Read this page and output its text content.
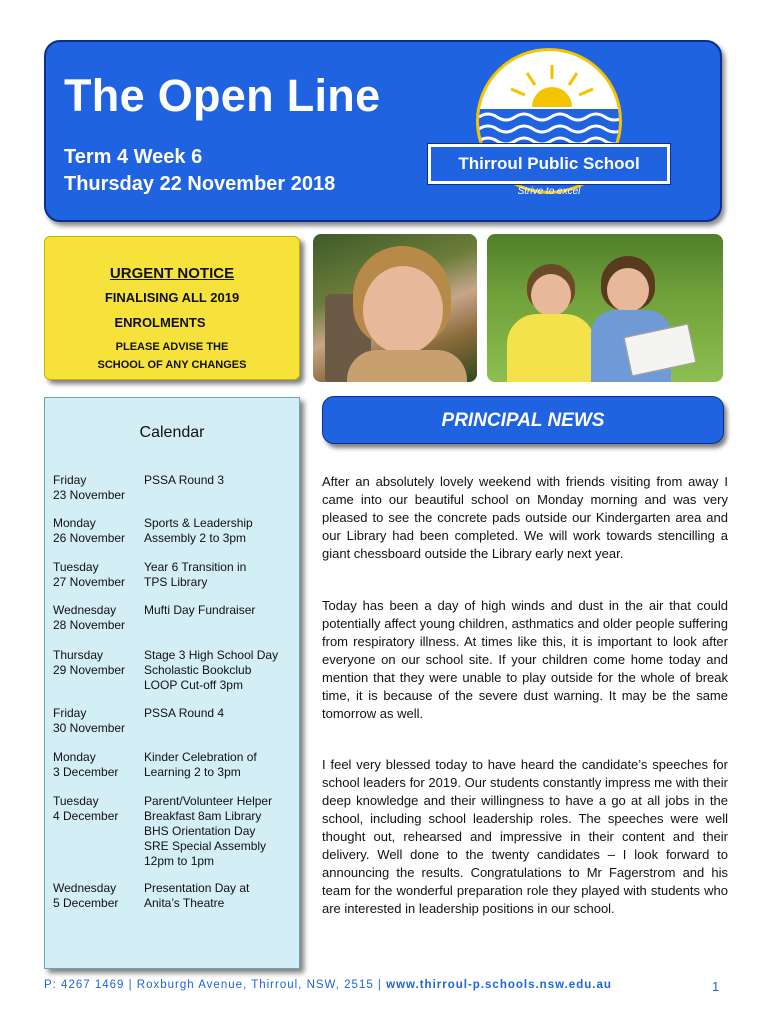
The Open Line
Term 4 Week 6
Thursday 22 November 2018
Thirroul Public School
Strive to excel
URGENT NOTICE
FINALISING ALL 2019
ENROLMENTS
PLEASE ADVISE THE
SCHOOL OF ANY CHANGES
Calendar
Friday
23 November
PSSA Round 3
Monday
26 November
Sports & Leadership
Assembly 2 to 3pm
Tuesday
27 November
Year 6 Transition in
TPS Library
Wednesday
28 November
Mufti Day Fundraiser
Thursday
29 November
Stage 3 High School Day
Scholastic Bookclub
LOOP Cut-off 3pm
Friday
30 November
PSSA Round 4
Monday
3 December
Kinder Celebration of
Learning 2 to 3pm
Tuesday
4 December
Parent/Volunteer Helper
Breakfast 8am Library
BHS Orientation Day
SRE Special Assembly
12pm to 1pm
Wednesday
5 December
Presentation Day at
Anita’s Theatre
PRINCIPAL NEWS

After an absolutely lovely weekend with friends visiting from away I came into our beautiful school on Monday morning and was very pleased to see the concrete pads outside our Kindergarten area and our Library had been completed. We will work towards stencilling a giant chessboard outside the Library early next year.

Today has been a day of high winds and dust in the air that could potentially affect young children, asthmatics and older people suffering from respiratory illness. At times like this, it is important to look after everyone on our school site. If your children come home today and mention that they were unable to play outside for the whole of break time, it is because of the severe dust warning. It may be the same tomorrow as well.

I feel very blessed today to have heard the candidate’s speeches for school leaders for 2019. Our students constantly impress me with their deep knowledge and their willingness to have a go at all jobs in the school, including school leadership roles. The speeches were well thought out, rehearsed and impressive in their content and their delivery. Well done to the twenty candidates – I look forward to announcing the results. Congratulations to Mr Fagerstrom and his team for the wonderful preparation role they played with students who are interested in leadership positions in our school.

P: 4267 1469 | Roxburgh Avenue, Thirroul, NSW, 2515 | www.thirroul-p.schools.nsw.edu.au	1
